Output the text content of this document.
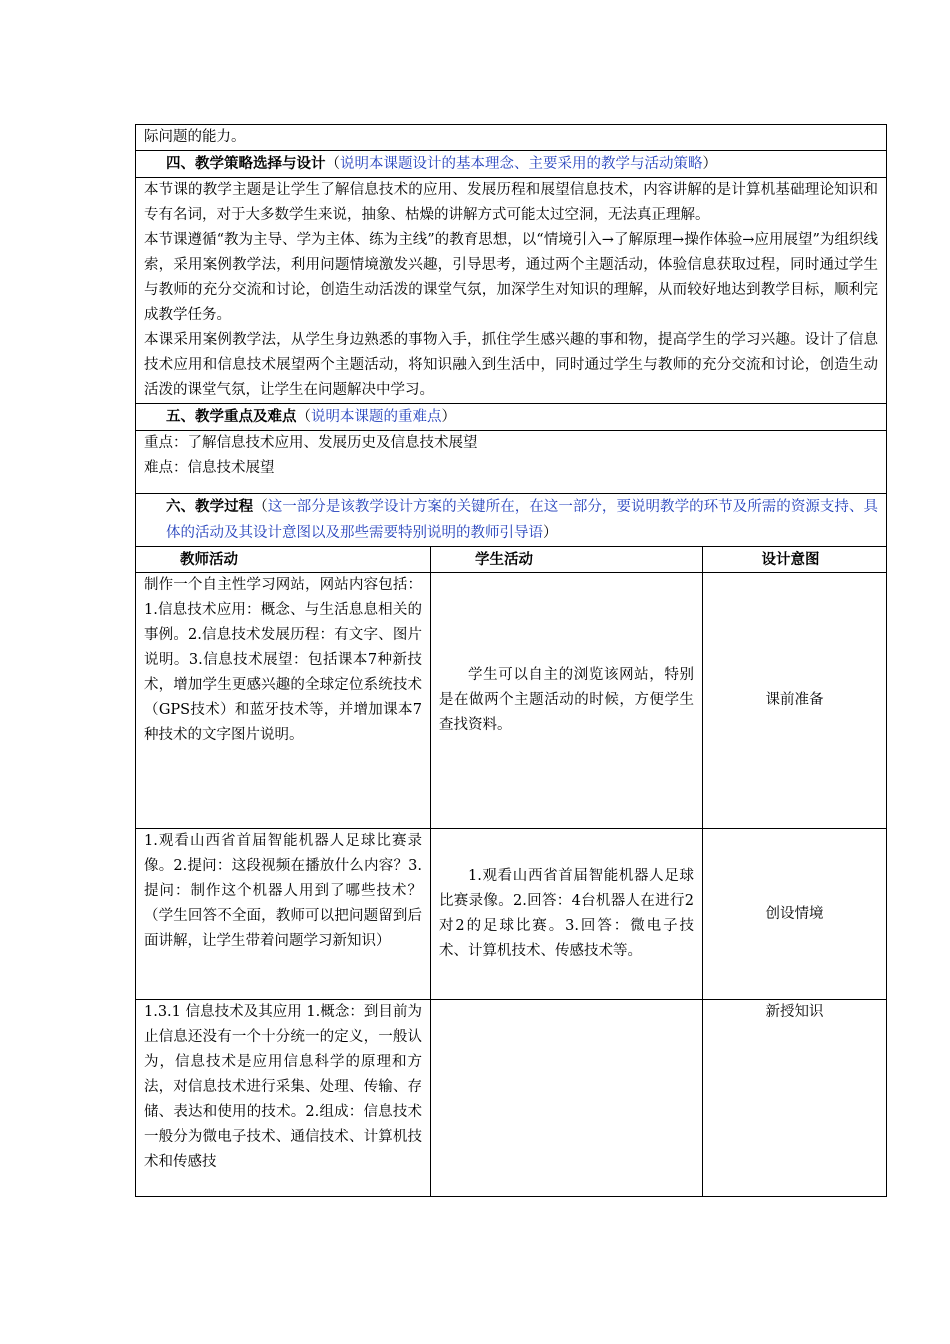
际问题的能力。		
四、教学策略选择与设计（说明本课题设计的基本理念、主要采用的教学与活动策略）		

本节课的教学主题是让学生了解信息技术的应用、发展历程和展望信息技术，内容讲解的是计算机基础理论知识和专有名词，对于大多数学生来说，抽象、枯燥的讲解方式可能太过空洞，无法真正理解。

本节课遵循“教为主导、学为主体、练为主线”的教育思想，以“情境引入→了解原理→操作体验→应用展望”为组织线索，采用案例教学法，利用问题情境激发兴趣，引导思考，通过两个主题活动，体验信息获取过程，同时通过学生与教师的充分交流和讨论，创造生动活泼的课堂气氛，加深学生对知识的理解，从而较好地达到教学目标，顺利完成教学任务。

本课采用案例教学法，从学生身边熟悉的事物入手，抓住学生感兴趣的事和物，提高学生的学习兴趣。设计了信息技术应用和信息技术展望两个主题活动，将知识融入到生活中，同时通过学生与教师的充分交流和讨论，创造生动活泼的课堂气氛，让学生在问题解决中学习。		

五、教学重点及难点（说明本课题的重难点）		

重点：了解信息技术应用、发展历史及信息技术展望

难点：信息技术展望		

六、教学过程（这一部分是该教学设计方案的关键所在，在这一部分，要说明教学的环节及所需的资源支持、具体的活动及其设计意图以及那些需要特别说明的教师引导语）		
教师活动	学生活动	设计意图
制作一个自主性学习网站，网站内容包括：1.信息技术应用：概念、与生活息息相关的事例。2.信息技术发展历程：有文字、图片说明。3.信息技术展望：包括课本7种新技术，增加学生更感兴趣的全球定位系统技术（GPS技术）和蓝牙技术等，并增加课本7种技术的文字图片说明。	学生可以自主的浏览该网站，特别是在做两个主题活动的时候，方便学生查找资料。	课前准备
1.观看山西省首届智能机器人足球比赛录像。2.提问：这段视频在播放什么内容？3.提问：制作这个机器人用到了哪些技术？（学生回答不全面，教师可以把问题留到后面讲解，让学生带着问题学习新知识）	1.观看山西省首届智能机器人足球比赛录像。2.回答：4台机器人在进行2对2的足球比赛。3.回答：微电子技术、计算机技术、传感技术等。	创设情境
1.3.1 信息技术及其应用 1.概念：到目前为止信息还没有一个十分统一的定义，一般认为，信息技术是应用信息科学的原理和方法，对信息技术进行采集、处理、传输、存储、表达和使用的技术。2.组成：信息技术一般分为微电子技术、通信技术、计算机技术和传感技		新授知识
